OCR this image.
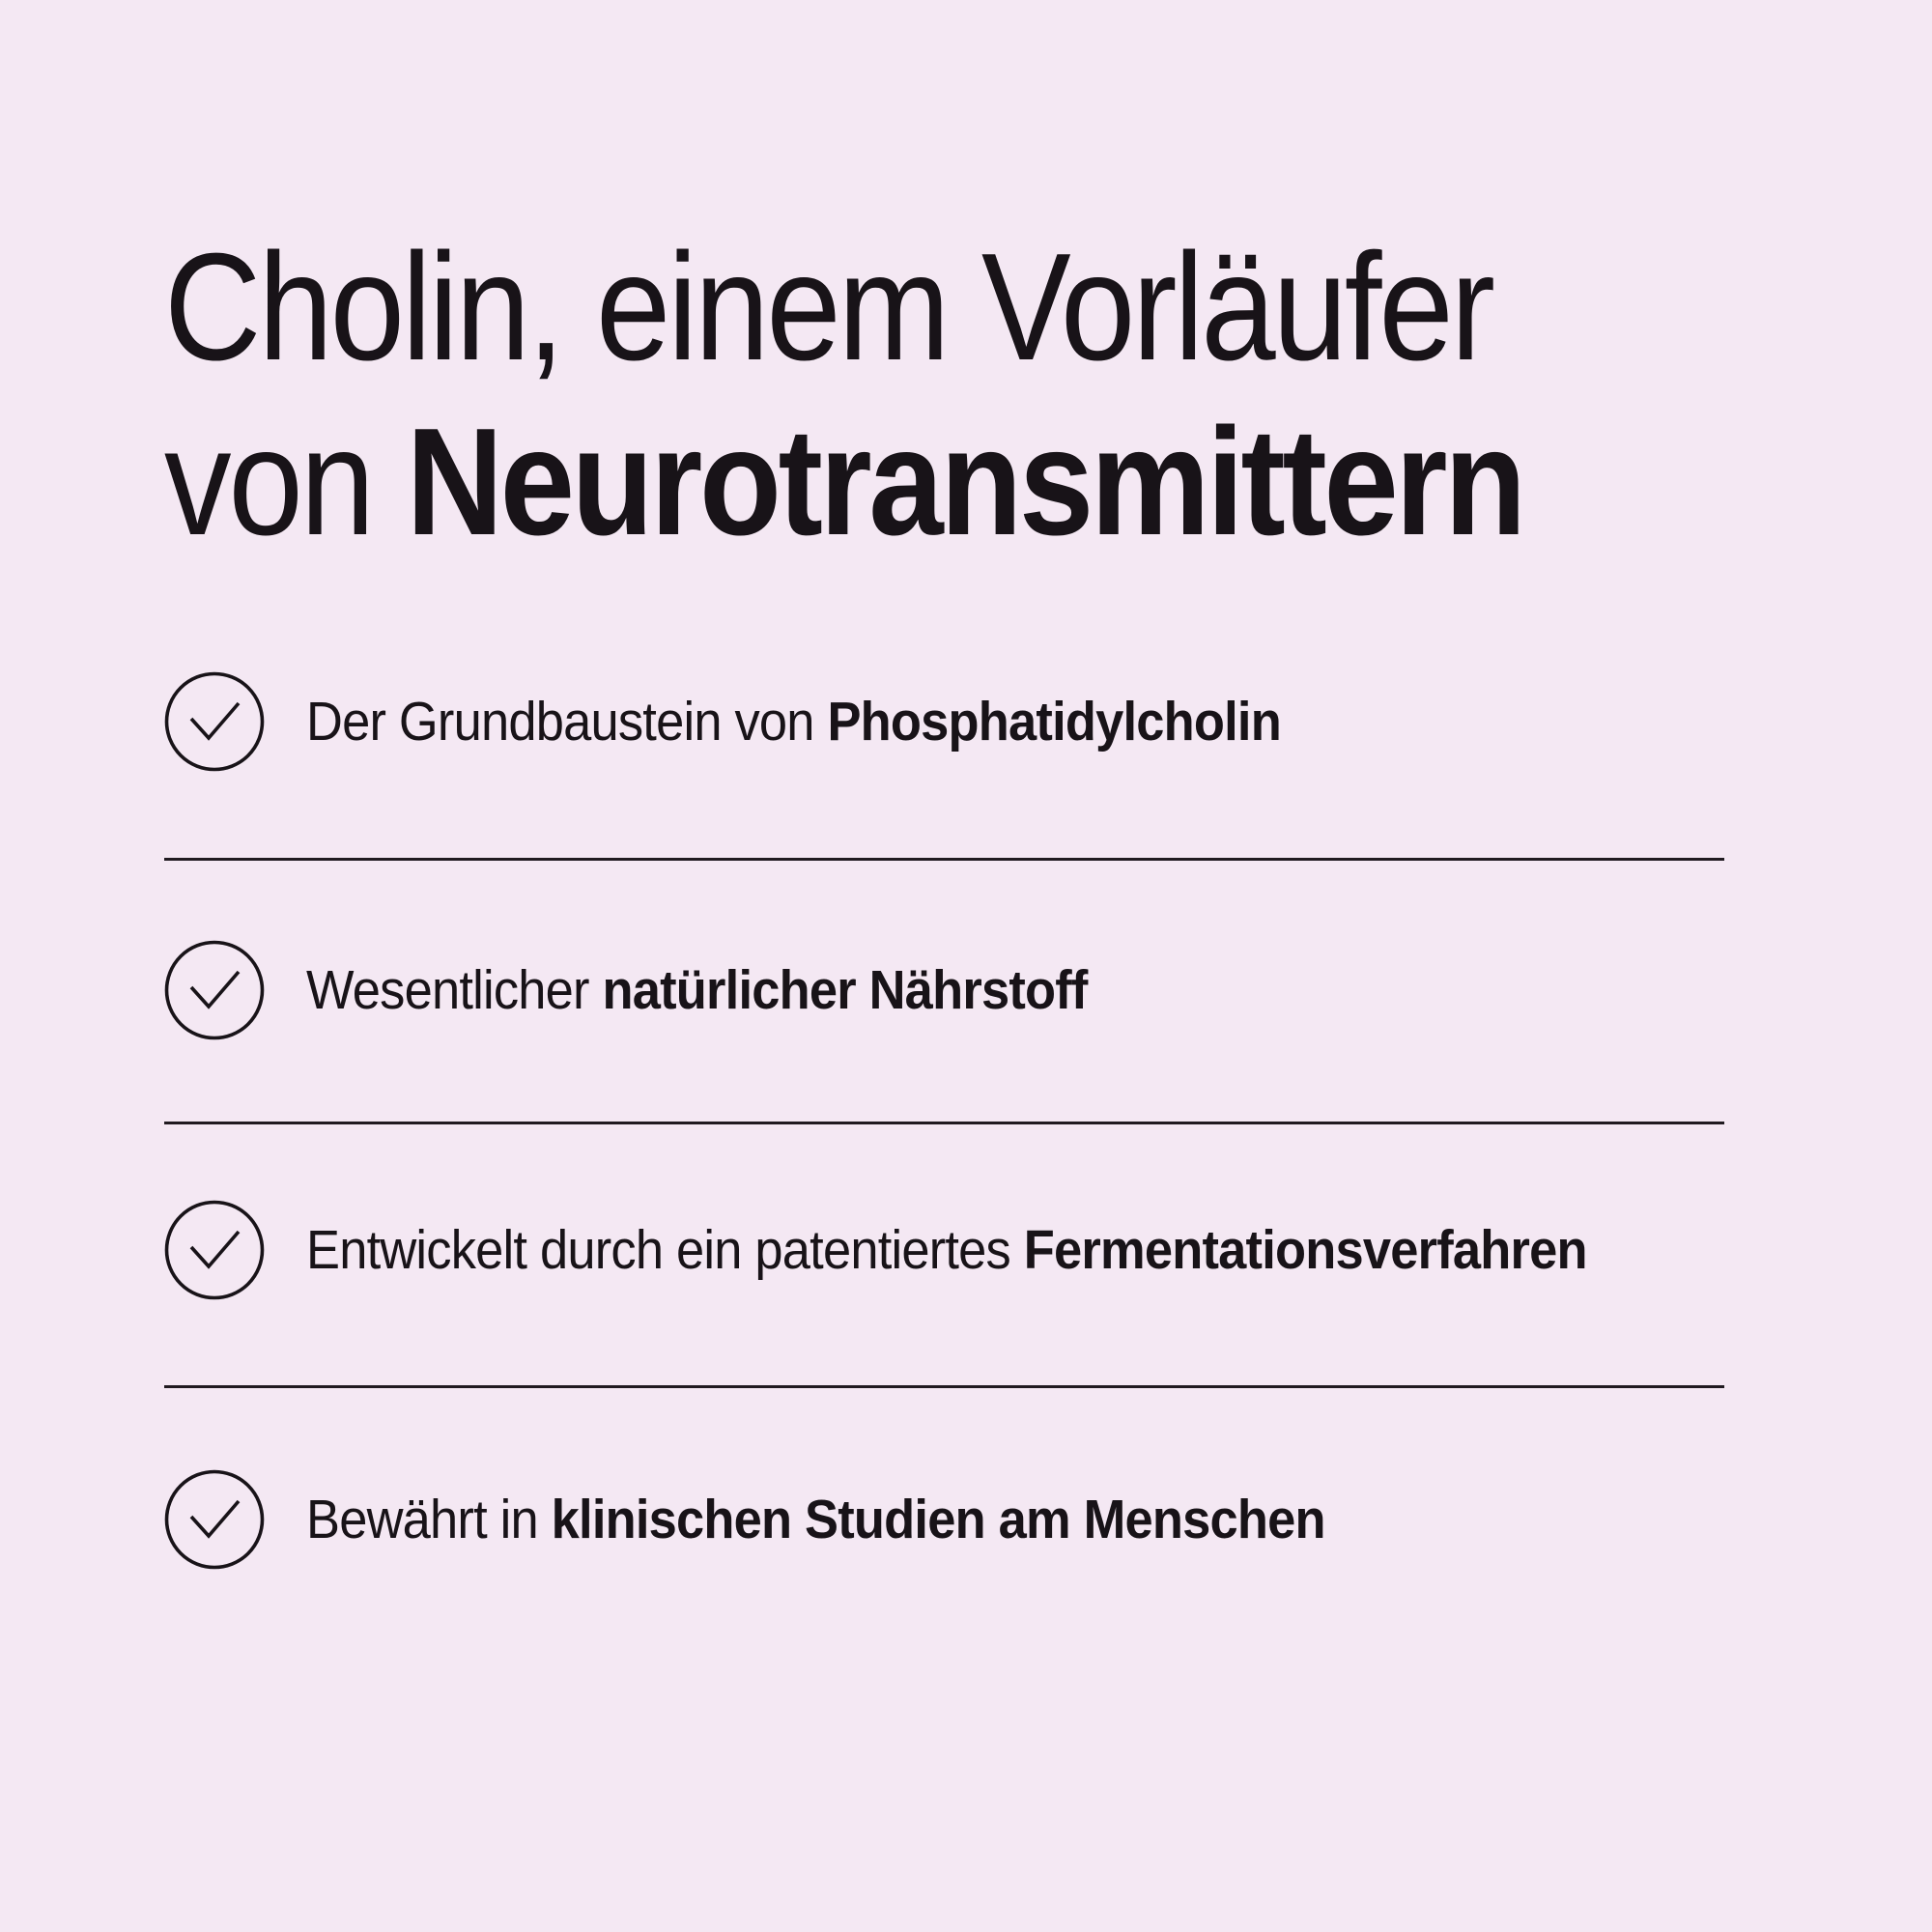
Cholin, einem Vorläufer
von Neurotransmittern
Der Grundbaustein von Phosphatidylcholin
Wesentlicher natürlicher Nährstoff
Entwickelt durch ein patentiertes Fermentationsverfahren
Bewährt in klinischen Studien am Menschen
